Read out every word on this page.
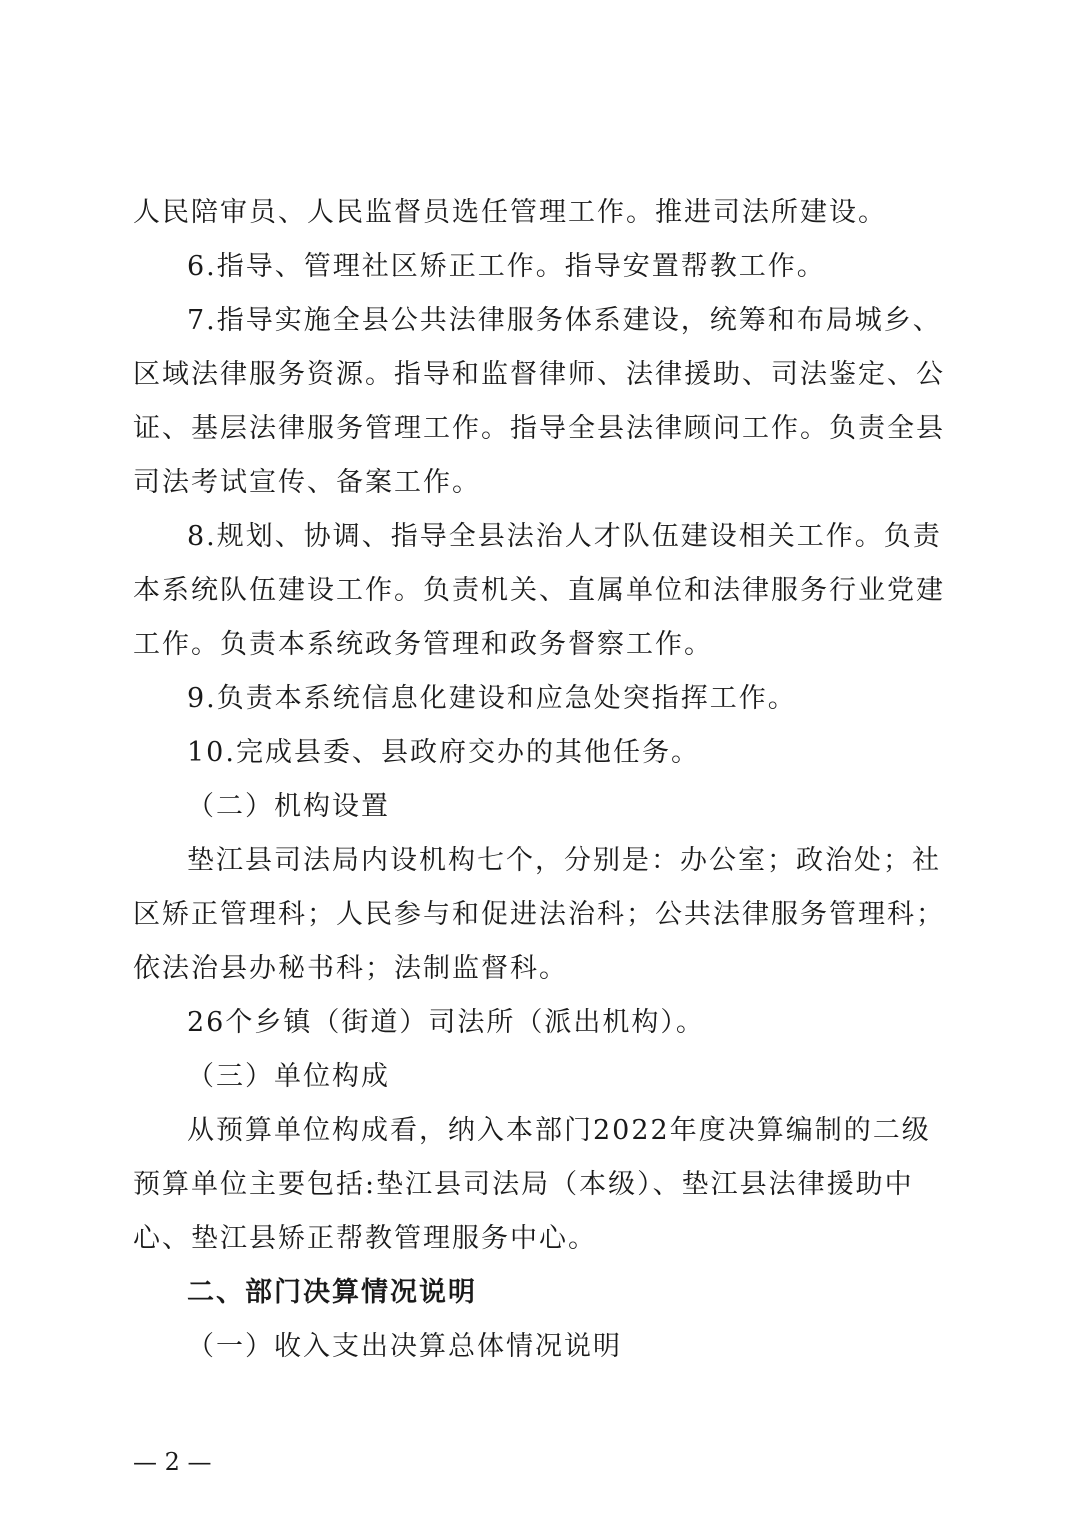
人民陪审员、人民监督员选任管理工作。推进司法所建设。
6.指导、管理社区矫正工作。指导安置帮教工作。
7.指导实施全县公共法律服务体系建设，统筹和布局城乡、
区域法律服务资源。指导和监督律师、法律援助、司法鉴定、公
证、基层法律服务管理工作。指导全县法律顾问工作。负责全县
司法考试宣传、备案工作。
8.规划、协调、指导全县法治人才队伍建设相关工作。负责
本系统队伍建设工作。负责机关、直属单位和法律服务行业党建
工作。负责本系统政务管理和政务督察工作。
9.负责本系统信息化建设和应急处突指挥工作。
10.完成县委、县政府交办的其他任务。
（二）机构设置
垫江县司法局内设机构七个，分别是：办公室；政治处；社
区矫正管理科；人民参与和促进法治科；公共法律服务管理科；
依法治县办秘书科；法制监督科。
26个乡镇（街道）司法所（派出机构）。
（三）单位构成
从预算单位构成看，纳入本部门2022年度决算编制的二级
预算单位主要包括:垫江县司法局（本级）、垫江县法律援助中
心、垫江县矫正帮教管理服务中心。
二、部门决算情况说明
（一）收入支出决算总体情况说明
— 2 —
